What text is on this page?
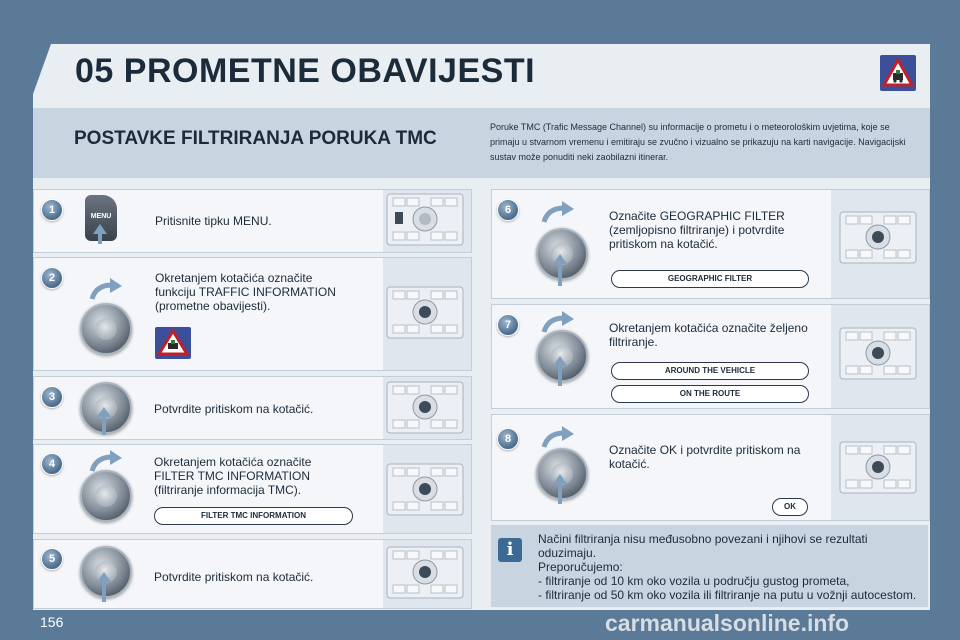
05 PROMETNE OBAVIJESTI
POSTAVKE FILTRIRANJA PORUKA TMC
Poruke TMC (Trafic Message Channel) su informacije o prometu i o meteorološkim uvjetima, koje se primaju u stvarnom vremenu i emitiraju se zvučno i vizualno se prikazuju na karti navigacije. Navigacijski sustav može ponuditi neki zaobilazni itinerar.
1
MENU	Pritisnite tipku MENU.
2	Okretanjem kotačića označite funkciju TRAFFIC INFORMATION (prometne obavijesti).
3
Potvrdite pritiskom na kotačić.
4	Okretanjem kotačića označite FILTER TMC INFORMATION (filtriranje informacija TMC).
FILTER TMC INFORMATION
5
Potvrdite pritiskom na kotačić.
6	Označite GEOGRAPHIC FILTER (zemljopisno filtriranje) i potvrdite pritiskom na kotačić.
GEOGRAPHIC FILTER
7	Okretanjem kotačića označite željeno filtriranje.
AROUND THE VEHICLE
ON THE ROUTE
8
Označite OK i potvrdite pritiskom na kotačić.
OK
i	Načini filtriranja nisu međusobno povezani i njihovi se rezultati oduzimaju.
Preporučujemo:
- filtriranje od 10 km oko vozila u području gustog prometa,
- filtriranje od 50 km oko vozila ili filtriranje na putu u vožnji autocestom.
156	carmanualsonline.info
